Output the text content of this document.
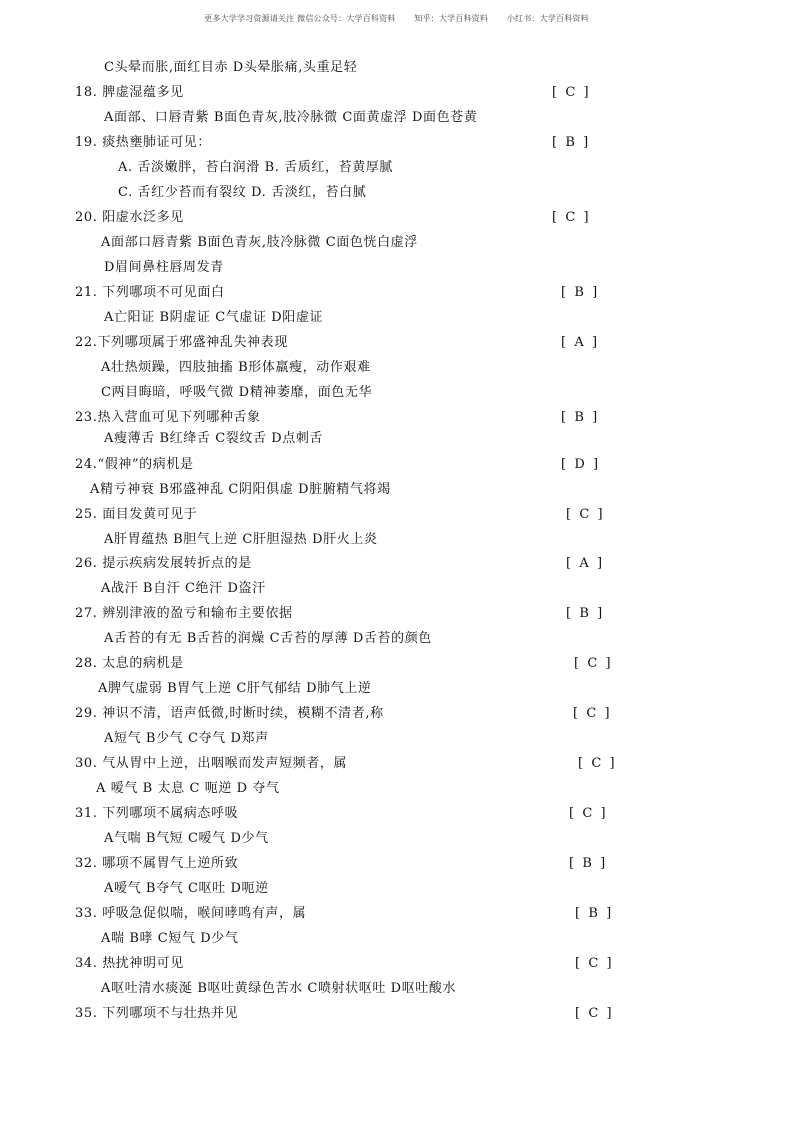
更多大学学习资源请关注 微信公众号：大学百科资料 知乎：大学百科资料 小红书：大学百科资料
C头晕而胀,面红目赤 D头晕胀痛,头重足轻
18. 脾虚湿蕴多见	[  C  ]
A面部、口唇青紫 B面色青灰,肢冷脉微 C面黄虚浮 D面色苍黄
19. 痰热壅肺证可见：	[  B  ]
A. 舌淡嫩胖，苔白润滑 B. 舌质红，苔黄厚腻
C. 舌红少苔而有裂纹 D. 舌淡红，苔白腻
20. 阳虚水泛多见	[  C  ]
A面部口唇青紫 B面色青灰,肢冷脉微 C面色恍白虚浮
D眉间鼻柱唇周发青
21. 下列哪项不可见面白	[  B  ]
A亡阳证 B阴虚证 C气虚证 D阳虚证
22.下列哪项属于邪盛神乱失神表现	[  A  ]
A壮热烦躁，四肢抽搐 B形体羸瘦，动作艰难
C两目晦暗，呼吸气微 D精神萎靡，面色无华
23.热入营血可见下列哪种舌象	[  B  ]
A瘦薄舌 B红绛舌 C裂纹舌 D点刺舌
24.“假神”的病机是	[  D  ]
A精亏神衰 B邪盛神乱 C阴阳俱虚 D脏腑精气将竭
25. 面目发黄可见于	[  C  ]
A肝胃蕴热 B胆气上逆 C肝胆湿热 D肝火上炎
26. 提示疾病发展转折点的是	[  A  ]
A战汗 B自汗 C绝汗 D盗汗
27. 辨别津液的盈亏和输布主要依据	[  B  ]
A舌苔的有无 B舌苔的润燥 C舌苔的厚薄 D舌苔的颜色
28. 太息的病机是	[  C  ]
A脾气虚弱 B胃气上逆 C肝气郁结 D肺气上逆
29. 神识不清，语声低微,时断时续，模糊不清者,称	[  C  ]
A短气 B少气 C夺气 D郑声
30. 气从胃中上逆，出咽喉而发声短频者，属	[  C  ]
A 嗳气 B 太息 C 呃逆 D 夺气
31. 下列哪项不属病态呼吸	[  C  ]
A气喘 B气短 C嗳气 D少气
32. 哪项不属胃气上逆所致	[  B  ]
A嗳气 B夺气 C呕吐 D呃逆
33. 呼吸急促似喘，喉间哮鸣有声，属	[  B  ]
A喘 B哮 C短气 D少气
34. 热扰神明可见	[  C  ]
A呕吐清水痰涎 B呕吐黄绿色苦水 C喷射状呕吐 D呕吐酸水
35. 下列哪项不与壮热并见	[  C  ]
